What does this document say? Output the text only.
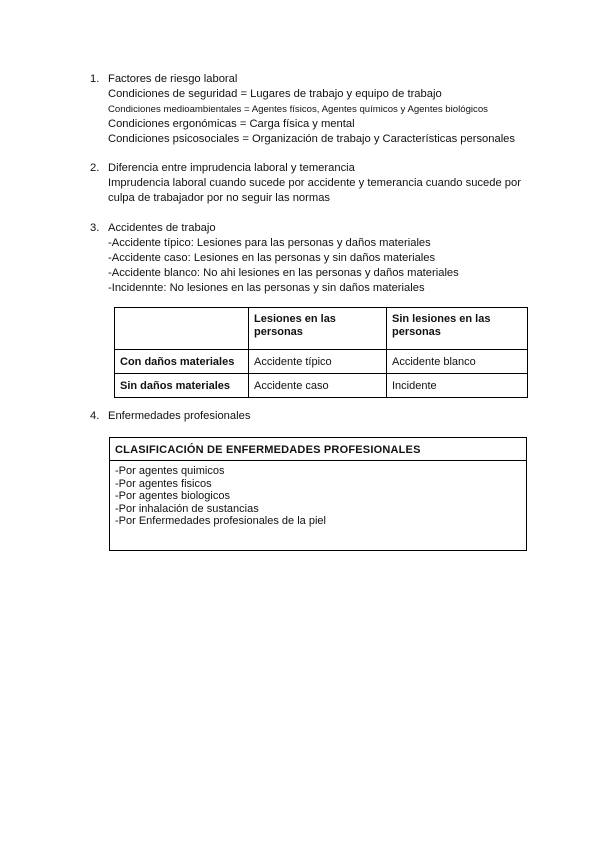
1. Factores de riesgo laboral
Condiciones de seguridad = Lugares de trabajo y equipo de trabajo
Condiciones medioambientales = Agentes físicos, Agentes químicos y Agentes biológicos
Condiciones ergonómicas = Carga física y mental
Condiciones psicosociales = Organización de trabajo y Características personales
2. Diferencia entre imprudencia laboral y temerancia
Imprudencia laboral cuando sucede por accidente y temerancia cuando sucede por culpa de trabajador por no seguir las normas
3. Accidentes de trabajo
-Accidente típico: Lesiones para las personas y daños materiales
-Accidente caso: Lesiones en las personas y sin daños materiales
-Accidente blanco: No ahi lesiones en las personas y daños materiales
-Incidennte: No lesiones en las personas y sin daños materiales
	Lesiones en las personas	Sin lesiones en las personas
Con daños materiales	Accidente típico	Accidente blanco
Sin daños materiales	Accidente caso	Incidente
4. Enfermedades profesionales
CLASIFICACIÓN DE ENFERMEDADES PROFESIONALES
-Por agentes quimicos
-Por agentes fisicos
-Por agentes biologicos
-Por inhalación de sustancias
-Por Enfermedades profesionales de la piel
